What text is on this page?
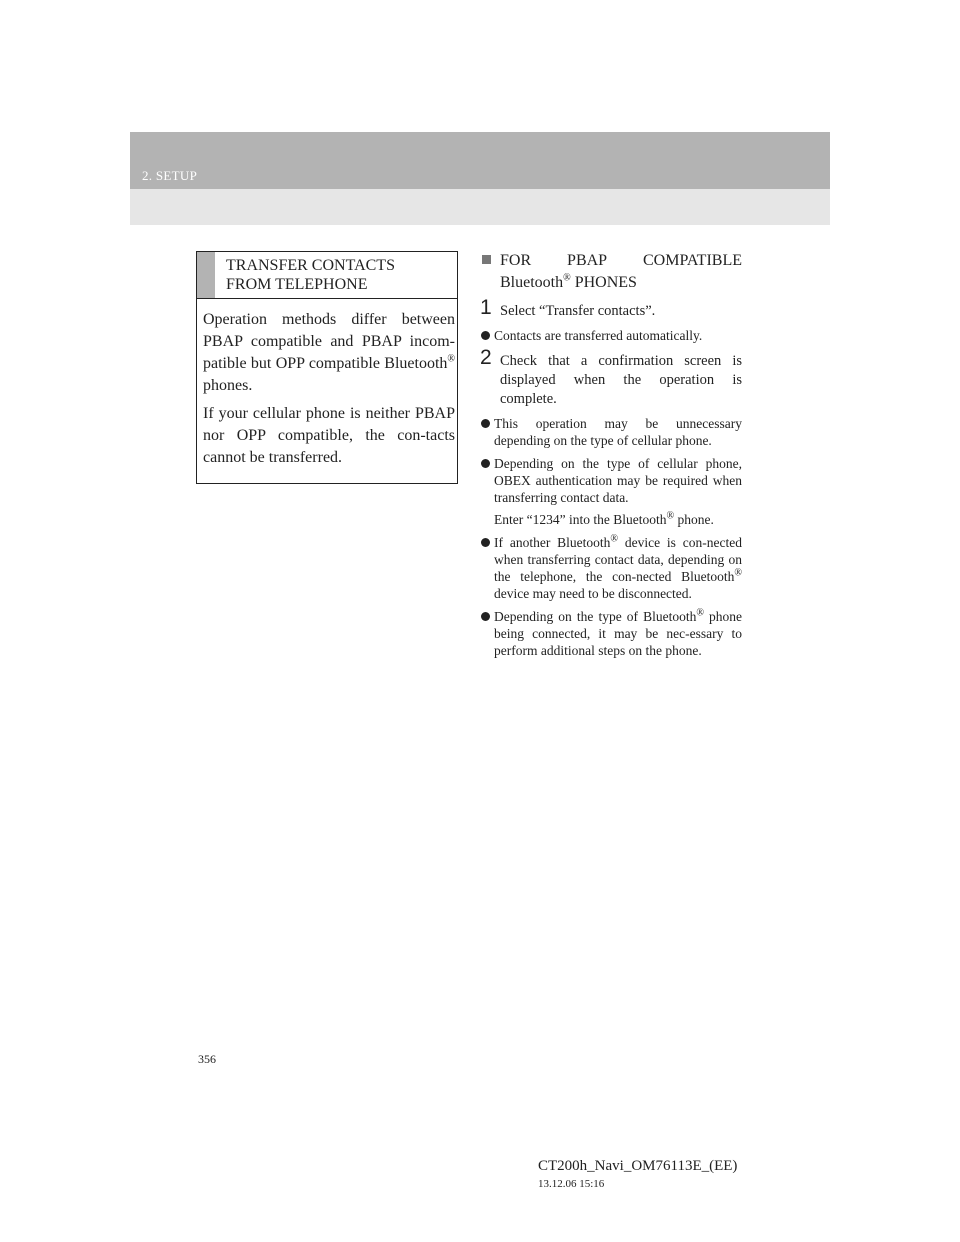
2. SETUP
TRANSFER CONTACTS
FROM TELEPHONE

Operation methods differ between PBAP compatible and PBAP incom-patible but OPP compatible Bluetooth® phones.

If your cellular phone is neither PBAP nor OPP compatible, the con-tacts cannot be transferred.

FOR PBAP COMPATIBLE
Bluetooth® PHONES
1 Select “Transfer contacts”.

Contacts are transferred automatically.

2 Check that a confirmation screen is displayed when the operation is complete.

This operation may be unnecessary depending on the type of cellular phone.

Depending on the type of cellular phone, OBEX authentication may be required when transferring contact data.

Enter “1234” into the Bluetooth® phone.

If another Bluetooth® device is con-nected when transferring contact data, depending on the telephone, the con-nected Bluetooth® device may need to be disconnected.

Depending on the type of Bluetooth® phone being connected, it may be nec-essary to perform additional steps on the phone.

356
CT200h_Navi_OM76113E_(EE)
13.12.06 15:16
